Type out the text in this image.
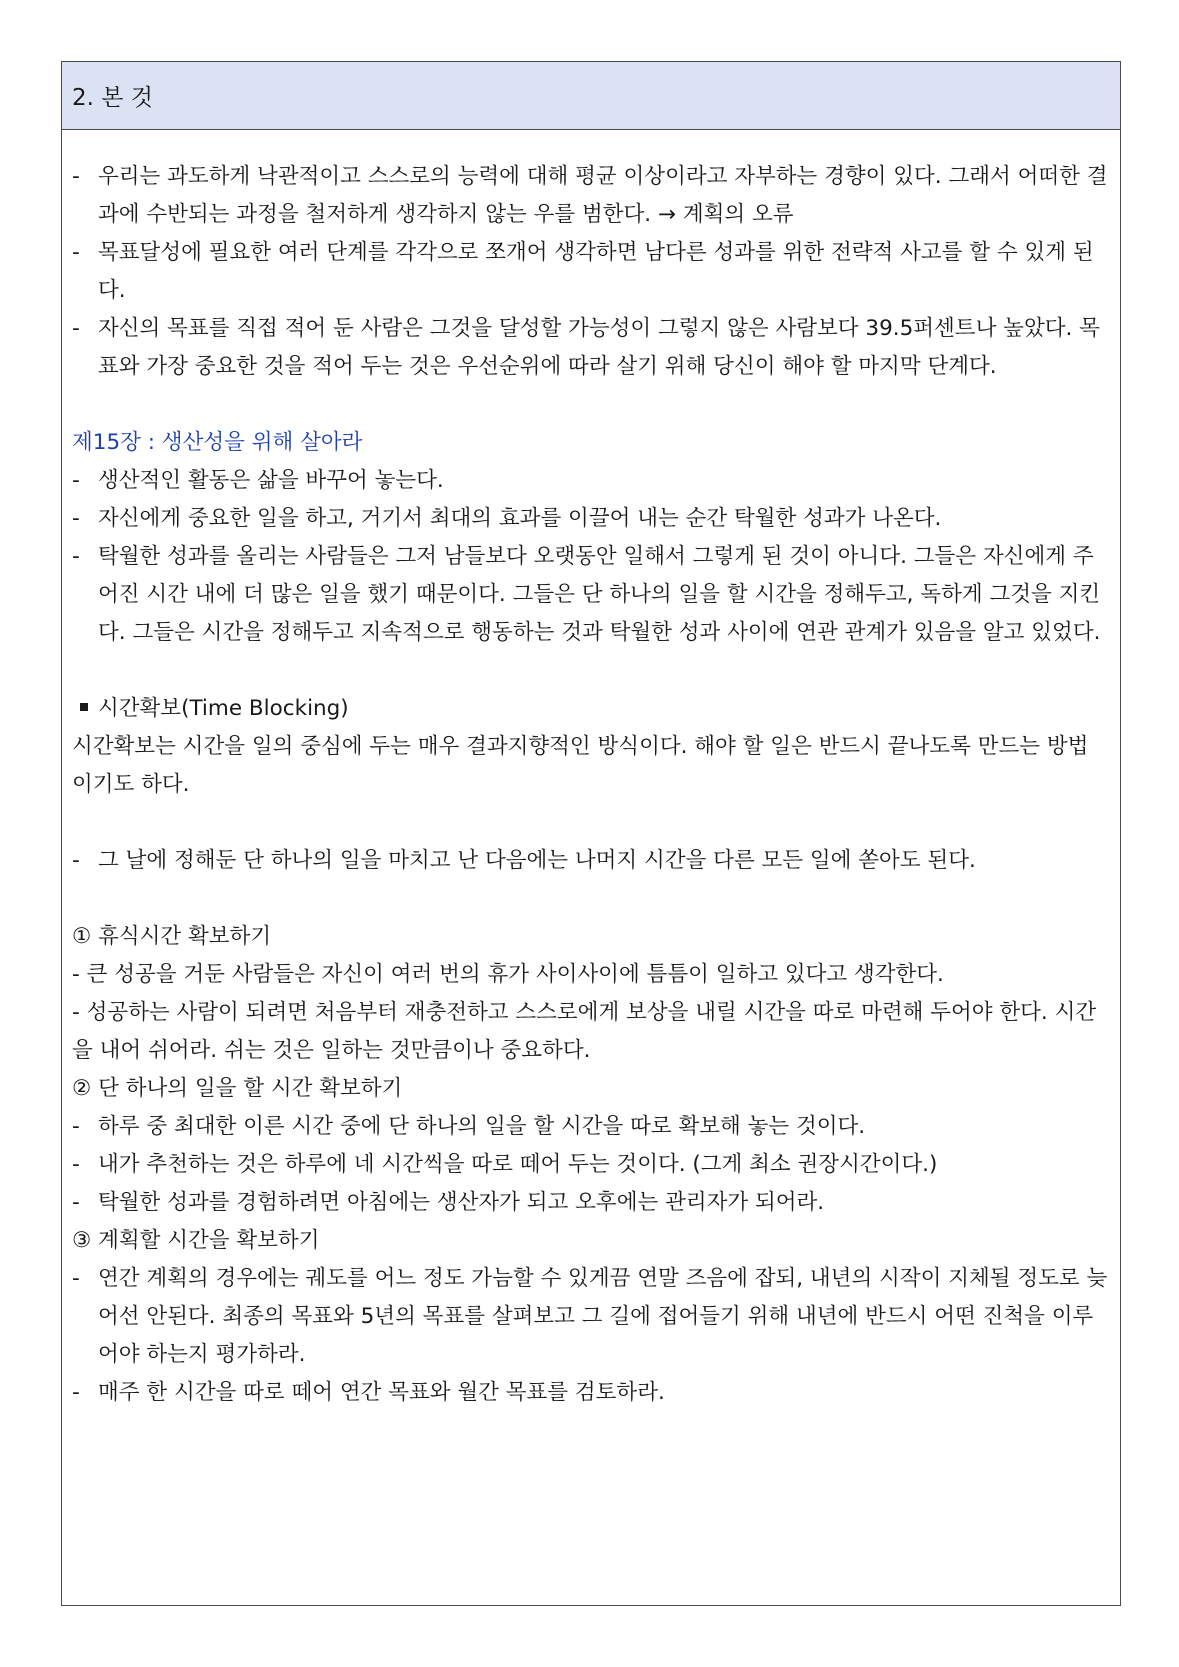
2. 본 것
- 우리는 과도하게 낙관적이고 스스로의 능력에 대해 평균 이상이라고 자부하는 경향이 있다. 그래서 어떠한 결과에 수반되는 과정을 철저하게 생각하지 않는 우를 범한다. → 계획의 오류
- 목표달성에 필요한 여러 단계를 각각으로 쪼개어 생각하면 남다른 성과를 위한 전략적 사고를 할 수 있게 된다.
- 자신의 목표를 직접 적어 둔 사람은 그것을 달성할 가능성이 그렇지 않은 사람보다 39.5퍼센트나 높았다. 목표와 가장 중요한 것을 적어 두는 것은 우선순위에 따라 살기 위해 당신이 해야 할 마지막 단계다.
제15장 : 생산성을 위해 살아라
- 생산적인 활동은 삶을 바꾸어 놓는다.
- 자신에게 중요한 일을 하고, 거기서 최대의 효과를 이끌어 내는 순간 탁월한 성과가 나온다.
- 탁월한 성과를 올리는 사람들은 그저 남들보다 오랫동안 일해서 그렇게 된 것이 아니다. 그들은 자신에게 주어진 시간 내에 더 많은 일을 했기 때문이다. 그들은 단 하나의 일을 할 시간을 정해두고, 독하게 그것을 지킨다. 그들은 시간을 정해두고 지속적으로 행동하는 것과 탁월한 성과 사이에 연관 관계가 있음을 알고 있었다.
시간확보(Time Blocking)
시간확보는 시간을 일의 중심에 두는 매우 결과지향적인 방식이다. 해야 할 일은 반드시 끝나도록 만드는 방법이기도 하다.
- 그 날에 정해둔 단 하나의 일을 마치고 난 다음에는 나머지 시간을 다른 모든 일에 쏟아도 된다.
① 휴식시간 확보하기
- 큰 성공을 거둔 사람들은 자신이 여러 번의 휴가 사이사이에 틈틈이 일하고 있다고 생각한다.
- 성공하는 사람이 되려면 처음부터 재충전하고 스스로에게 보상을 내릴 시간을 따로 마련해 두어야 한다. 시간을 내어 쉬어라. 쉬는 것은 일하는 것만큼이나 중요하다.
② 단 하나의 일을 할 시간 확보하기
- 하루 중 최대한 이른 시간 중에 단 하나의 일을 할 시간을 따로 확보해 놓는 것이다.
- 내가 추천하는 것은 하루에 네 시간씩을 따로 떼어 두는 것이다. (그게 최소 권장시간이다.)
- 탁월한 성과를 경험하려면 아침에는 생산자가 되고 오후에는 관리자가 되어라.
③ 계획할 시간을 확보하기
- 연간 계획의 경우에는 궤도를 어느 정도 가늠할 수 있게끔 연말 즈음에 잡되, 내년의 시작이 지체될 정도로 늦어선 안된다. 최종의 목표와 5년의 목표를 살펴보고 그 길에 접어들기 위해 내년에 반드시 어떤 진척을 이루어야 하는지 평가하라.
- 매주 한 시간을 따로 떼어 연간 목표와 월간 목표를 검토하라.
